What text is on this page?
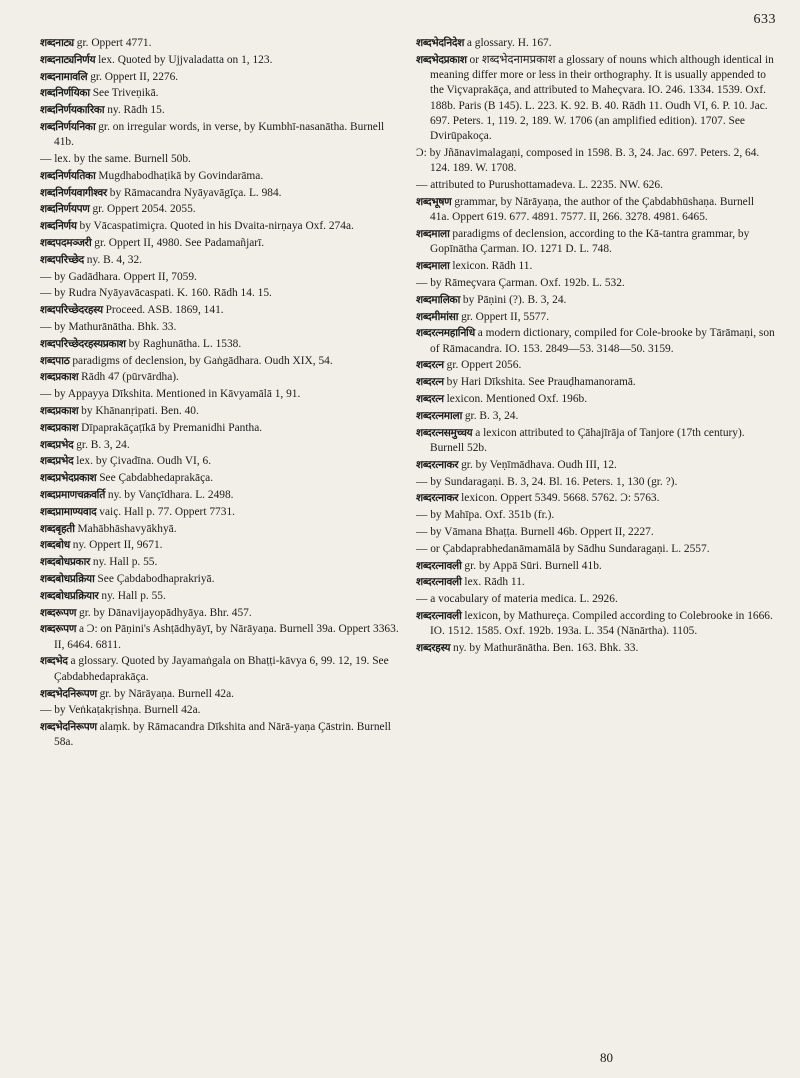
633

शब्दनाट्य gr. Oppert 4771.

शब्दनाट्यनिर्णय lex. Quoted by Ujjvaladatta on 1, 123.

शब्दनामावलि gr. Oppert II, 2276.

शब्दनिर्णयिका See Triveṇikā.

शब्दनिर्णयकारिका ny. Rādh 15.

शब्दनिर्णयनिका gr. on irregular words, in verse, by Kumbhī-nasanātha. Burnell 41b.

— lex. by the same. Burnell 50b.

शब्दनिर्णयतिका Mugdhabodhaṭikā by Govindarāma.

शब्दनिर्णयवागीश्वर by Rāmacandra Nyāyavāgīça. L. 984.

शब्दनिर्णयपण gr. Oppert 2054. 2055.

शब्दनिर्णय by Vācaspatimiçra. Quoted in his Dvaita-nirṇaya Oxf. 274a.

शब्दपदमञ्जरी gr. Oppert II, 4980. See Padamañjarī.

शब्दपरिच्छेद ny. B. 4, 32.

— by Gadādhara. Oppert II, 7059.

— by Rudra Nyāyavācaspati. K. 160. Rādh 14. 15.

शब्दपरिच्छेदरहस्य Proceed. ASB. 1869, 141.

— by Mathurānātha. Bhk. 33.

शब्दपरिच्छेदरहस्यप्रकाश by Raghunātha. L. 1538.

शब्दपाठ paradigms of declension, by Gaṅgādhara. Oudh XIX, 54.

शब्दप्रकाश Rādh 47 (pūrvārdha).

— by Appayya Dīkshita. Mentioned in Kāvyamālā 1, 91.

शब्दप्रकाश by Khānanṛipati. Ben. 40.

शब्दप्रकाश Dīpaprakāçaṭīkā by Premanidhi Pantha.

शब्दप्रभेद gr. B. 3, 24.

शब्दप्रभेद lex. by Çivadīna. Oudh VI, 6.

शब्दप्रभेदप्रकाश See Çabdabhedaprakāça.

शब्दप्रमाणचक्रवर्ति ny. by Vançīdhara. L. 2498.

शब्दप्रामाण्यवाद vaiç. Hall p. 77. Oppert 7731.

शब्दबृहती Mahābhāshavyākhyā.

शब्दबोध ny. Oppert II, 9671.

शब्दबोधप्रकार ny. Hall p. 55.

शब्दबोधप्रक्रिया See Çabdabodhaprakriyā.

शब्दबोधप्रक्रियार ny. Hall p. 55.

शब्दरूपण gr. by Dānavijayopādhyāya. Bhr. 457.

शब्दरूपण a Ɔ: on Pāṇini's Ashṭādhyāyī, by Nārāyaṇa. Burnell 39a. Oppert 3363. II, 6464. 6811.

शब्दभेद a glossary. Quoted by Jayamaṅgala on Bhaṭṭi-kāvya 6, 99. 12, 19. See Çabdabhedaprakāça.

शब्दभेदनिरूपण gr. by Nārāyaṇa. Burnell 42a.

— by Veṅkaṭakṛishṇa. Burnell 42a.

शब्दभेदनिरूपण alaṃk. by Rāmacandra Dīkshita and Nārā-yaṇa Çāstrin. Burnell 58a.

शब्दभेदनिदेश a glossary. H. 167.

शब्दभेदप्रकाश or शब्दभेदनामप्रकाश a glossary of nouns which although identical in meaning differ more or less in their orthography. It is usually appended to the Viçvaprakāça, and attributed to Maheçvara. IO. 246. 1334. 1539. Oxf. 188b. Paris (B 145). L. 223. K. 92. B. 40. Rādh 11. Oudh VI, 6. P. 10. Jac. 697. Peters. 1, 119. 2, 189. W. 1706 (an amplified edition). 1707. See Dvirūpakoça.

Ɔ: by Jñānavimalagaṇi, composed in 1598. B. 3, 24. Jac. 697. Peters. 2, 64. 124. 189. W. 1708.

— attributed to Purushottamadeva. L. 2235. NW. 626.

शब्दभूषण grammar, by Nārāyaṇa, the author of the Çabdabhūshaṇa. Burnell 41a. Oppert 619. 677. 4891. 7577. II, 266. 3278. 4981. 6465.

शब्दमाला paradigms of declension, according to the Kā-tantra grammar, by Gopīnātha Çarman. IO. 1271 D. L. 748.

शब्दमाला lexicon. Rādh 11.

— by Rāmeçvara Çarman. Oxf. 192b. L. 532.

शब्दमालिका by Pāṇini (?). B. 3, 24.

शब्दमीमांसा gr. Oppert II, 5577.

शब्दरत्नमहानिधि a modern dictionary, compiled for Cole-brooke by Tārāmaṇi, son of Rāmacandra. IO. 153. 2849—53. 3148—50. 3159.

शब्दरत्न gr. Oppert 2056.

शब्दरत्न by Hari Dīkshita. See Prauḍhamanoramā.

शब्दरत्न lexicon. Mentioned Oxf. 196b.

शब्दरत्नमाला gr. B. 3, 24.

शब्दरत्नसमुच्चय a lexicon attributed to Çāhajīrāja of Tanjore (17th century). Burnell 52b.

शब्दरत्नाकर gr. by Veṇīmādhava. Oudh III, 12.

— by Sundaragaṇi. B. 3, 24. Bl. 16. Peters. 1, 130 (gr. ?).

शब्दरत्नाकर lexicon. Oppert 5349. 5668. 5762. Ɔ: 5763.

— by Mahīpa. Oxf. 351b (fr.).

— by Vāmana Bhaṭṭa. Burnell 46b. Oppert II, 2227.

— or Çabdaprabhedanāmamālā by Sādhu Sundaragaṇi. L. 2557.

शब्दरत्नावली gr. by Appā Sūri. Burnell 41b.

शब्दरत्नावली lex. Rādh 11.

— a vocabulary of materia medica. L. 2926.

शब्दरत्नावली lexicon, by Mathureça. Compiled according to Colebrooke in 1666. IO. 1512. 1585. Oxf. 192b. 193a. L. 354 (Nānārtha). 1105.

शब्दरहस्य ny. by Mathurānātha. Ben. 163. Bhk. 33.

80
